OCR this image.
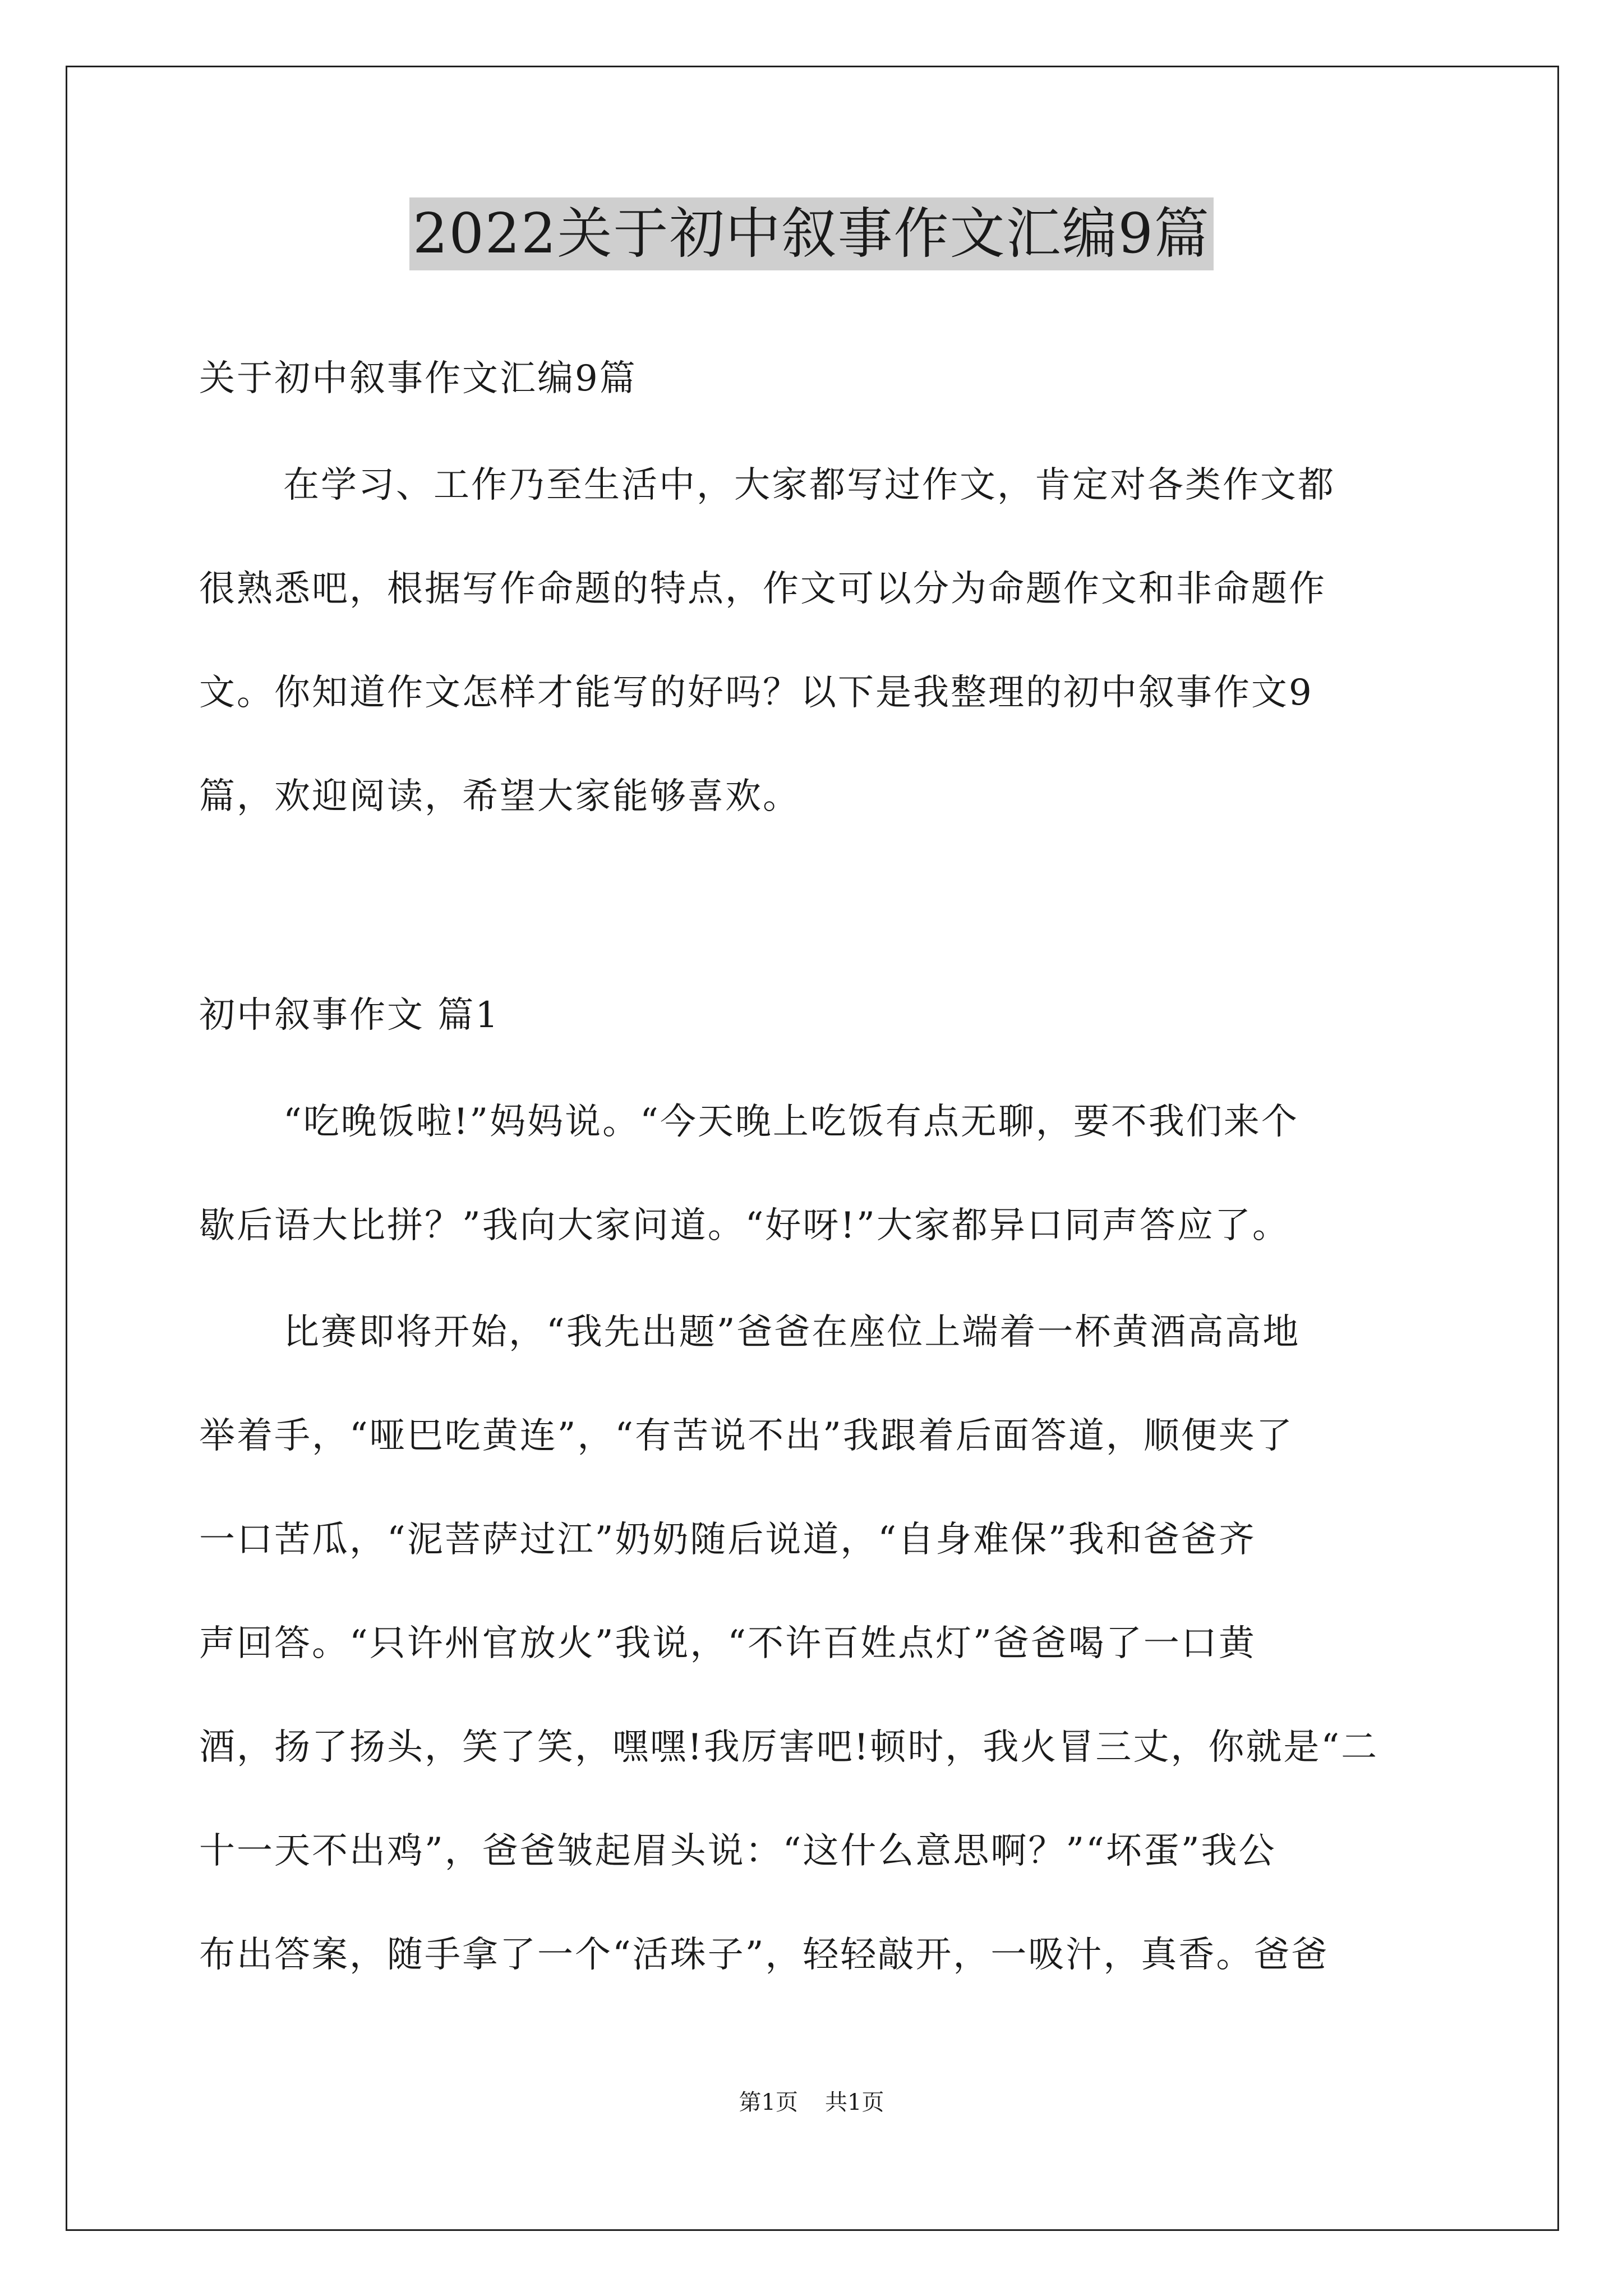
2022关于初中叙事作文汇编9篇
关于初中叙事作文汇编9篇
在学习、工作乃至生活中，大家都写过作文，肯定对各类作文都
很熟悉吧，根据写作命题的特点，作文可以分为命题作文和非命题作
文。你知道作文怎样才能写的好吗？以下是我整理的初中叙事作文9
篇，欢迎阅读，希望大家能够喜欢。
初中叙事作文 篇1
“吃晚饭啦!”妈妈说。“今天晚上吃饭有点无聊，要不我们来个
歇后语大比拼？”我向大家问道。“好呀!”大家都异口同声答应了。
比赛即将开始，“我先出题”爸爸在座位上端着一杯黄酒高高地
举着手，“哑巴吃黄连”，“有苦说不出”我跟着后面答道，顺便夹了
一口苦瓜，“泥菩萨过江”奶奶随后说道，“自身难保”我和爸爸齐
声回答。“只许州官放火”我说，“不许百姓点灯”爸爸喝了一口黄
酒，扬了扬头，笑了笑，嘿嘿!我厉害吧!顿时，我火冒三丈，你就是“二
十一天不出鸡”，爸爸皱起眉头说：“这什么意思啊？”“坏蛋”我公
布出答案，随手拿了一个“活珠子”，轻轻敲开，一吸汁，真香。爸爸
第1页 共1页
